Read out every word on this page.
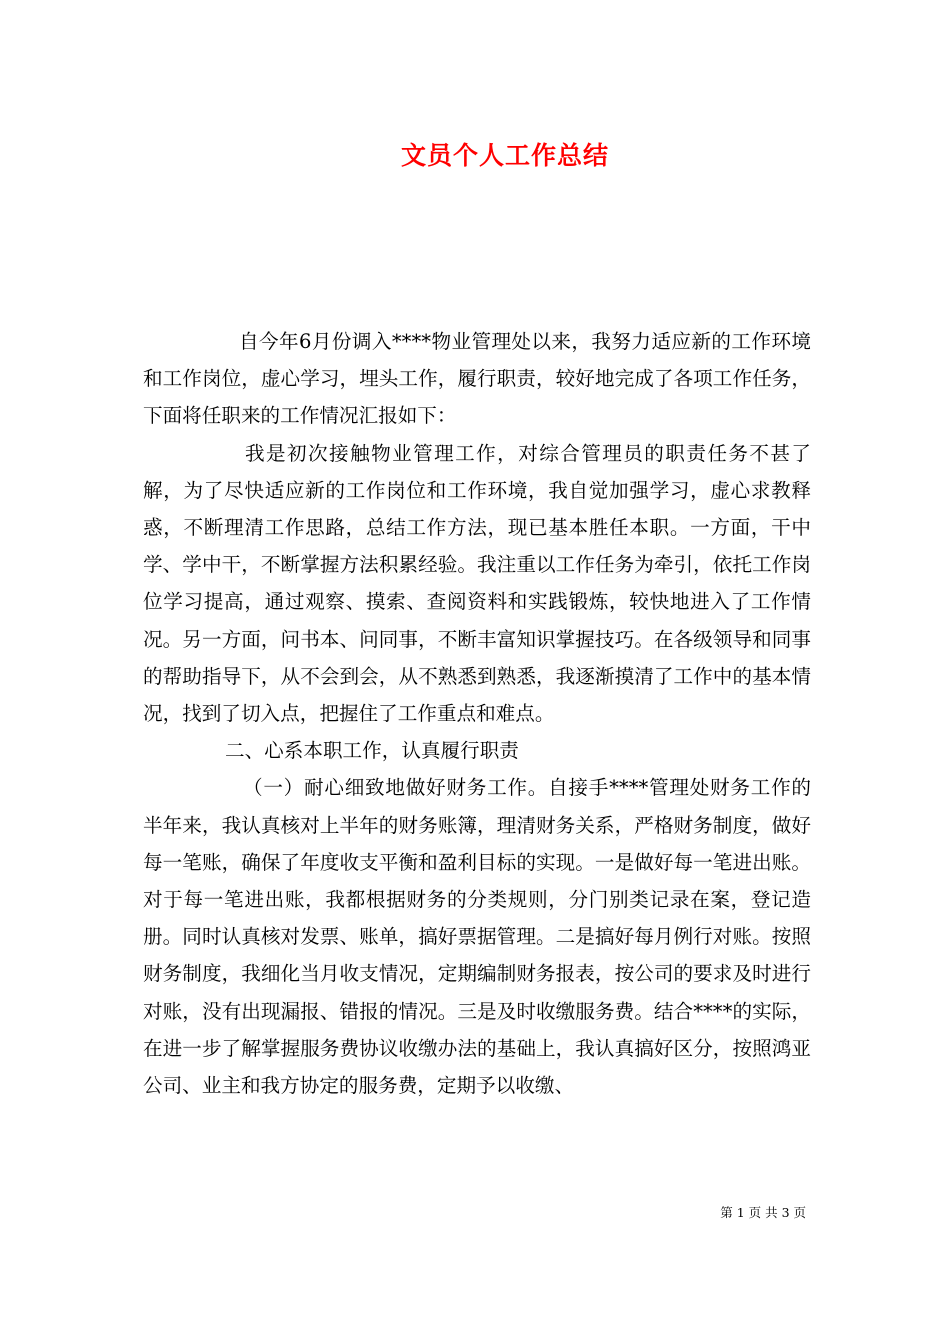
文员个人工作总结

自今年6月份调入****物业管理处以来，我努力适应新的工作环境和工作岗位，虚心学习，埋头工作，履行职责，较好地完成了各项工作任务，下面将任职来的工作情况汇报如下：

我是初次接触物业管理工作，对综合管理员的职责任务不甚了解，为了尽快适应新的工作岗位和工作环境，我自觉加强学习，虚心求教释惑，不断理清工作思路，总结工作方法，现已基本胜任本职。一方面，干中学、学中干，不断掌握方法积累经验。我注重以工作任务为牵引，依托工作岗位学习提高，通过观察、摸索、查阅资料和实践锻炼，较快地进入了工作情况。另一方面，问书本、问同事，不断丰富知识掌握技巧。在各级领导和同事的帮助指导下，从不会到会，从不熟悉到熟悉，我逐渐摸清了工作中的基本情况，找到了切入点，把握住了工作重点和难点。

二、心系本职工作，认真履行职责

（一）耐心细致地做好财务工作。自接手****管理处财务工作的半年来，我认真核对上半年的财务账簿，理清财务关系，严格财务制度，做好每一笔账，确保了年度收支平衡和盈利目标的实现。一是做好每一笔进出账。对于每一笔进出账，我都根据财务的分类规则，分门别类记录在案，登记造册。同时认真核对发票、账单，搞好票据管理。二是搞好每月例行对账。按照财务制度，我细化当月收支情况，定期编制财务报表，按公司的要求及时进行对账，没有出现漏报、错报的情况。三是及时收缴服务费。结合****的实际，在进一步了解掌握服务费协议收缴办法的基础上，我认真搞好区分，按照鸿亚公司、业主和我方协定的服务费，定期予以收缴、

第 1 页 共 3 页
